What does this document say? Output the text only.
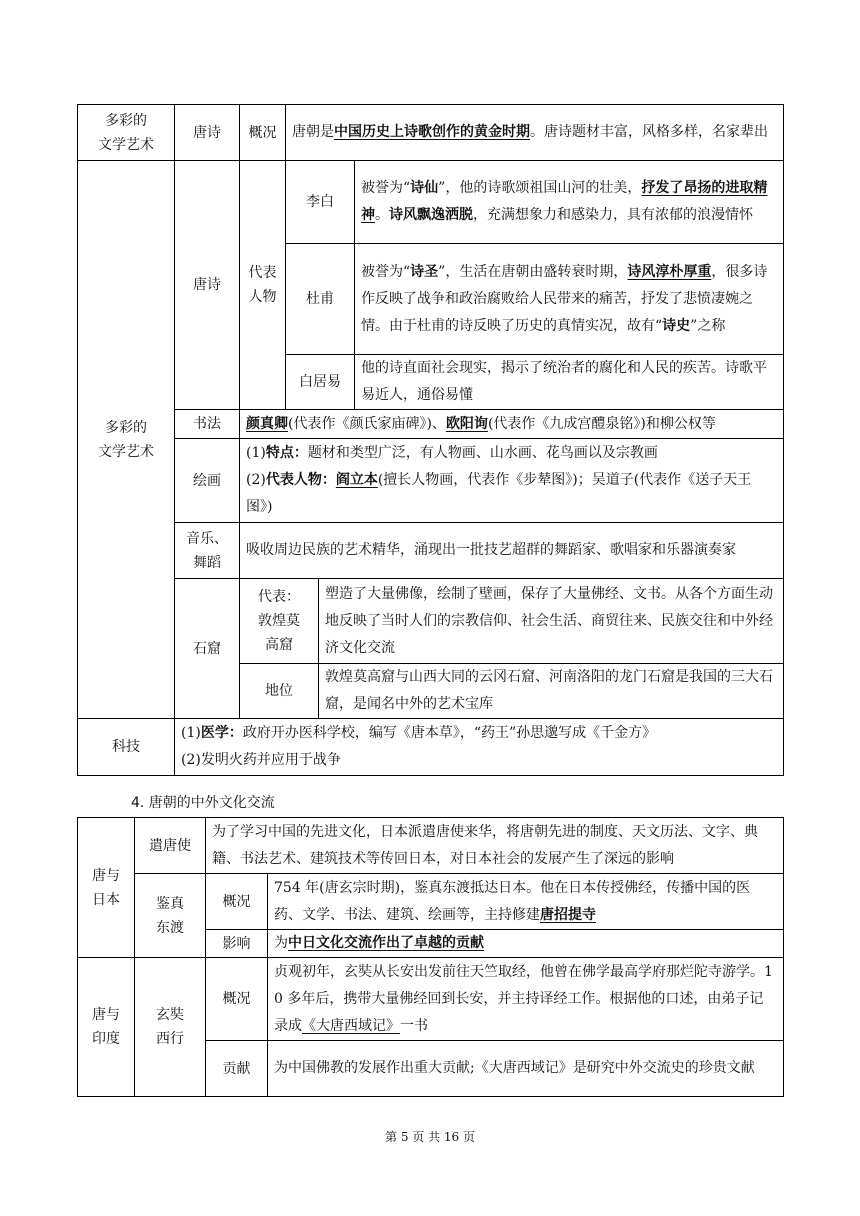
多彩的
文学艺术	唐诗	概况	唐朝是中国历史上诗歌创作的黄金时期。唐诗题材丰富，风格多样，名家辈出		
多彩的
文学艺术	唐诗	代表
人物	李白		被誉为“诗仙”，他的诗歌颂祖国山河的壮美，抒发了昂扬的进取精神。诗风飘逸洒脱，充满想象力和感染力，具有浓郁的浪漫情怀
			杜甫		被誉为“诗圣”，生活在唐朝由盛转衰时期，诗风淳朴厚重，很多诗作反映了战争和政治腐败给人民带来的痛苦，抒发了悲愤凄婉之情。由于杜甫的诗反映了历史的真情实况，故有“诗史”之称
			白居易		他的诗直面社会现实，揭示了统治者的腐化和人民的疾苦。诗歌平易近人，通俗易懂
	书法	颜真卿(代表作《颜氏家庙碑》)、欧阳询(代表作《九成宫醴泉铭》)和柳公权等			
	绘画	(1)特点：题材和类型广泛，有人物画、山水画、花鸟画以及宗教画
(2)代表人物：阎立本(擅长人物画，代表作《步辇图》)；吴道子(代表作《送子天王图》)			

	音乐、
舞蹈	吸收周边民族的艺术精华，涌现出一批技艺超群的舞蹈家、歌唱家和乐器演奏家			
	石窟	代表：
敦煌莫
高窟		塑造了大量佛像，绘制了壁画，保存了大量佛经、文书。从各个方面生动地反映了当时人们的宗教信仰、社会生活、商贸往来、民族交往和中外经济文化交流	
		地位		敦煌莫高窟与山西大同的云冈石窟、河南洛阳的龙门石窟是我国的三大石窟，是闻名中外的艺术宝库	
科技	(1)医学：政府开办医科学校，编写《唐本草》，“药王”孙思邈写成《千金方》
(2)发明火药并应用于战争				
4. 唐朝的中外文化交流
唐与
日本	遣唐使	为了学习中国的先进文化，日本派遣唐使来华，将唐朝先进的制度、天文历法、文字、典籍、书法艺术、建筑技术等传回日本，对日本社会的发展产生了深远的影响	
	鉴真
东渡	概况	754 年(唐玄宗时期)，鉴真东渡抵达日本。他在日本传授佛经，传播中国的医药、文学、书法、建筑、绘画等，主持修建唐招提寺
		影响	为中日文化交流作出了卓越的贡献
唐与
印度	玄奘
西行	概况	贞观初年，玄奘从长安出发前往天竺取经，他曾在佛学最高学府那烂陀寺游学。10 多年后，携带大量佛经回到长安，并主持译经工作。根据他的口述，由弟子记录成《大唐西域记》一书
		贡献	为中国佛教的发展作出重大贡献;《大唐西域记》是研究中外交流史的珍贵文献
第 5 页 共 16 页
